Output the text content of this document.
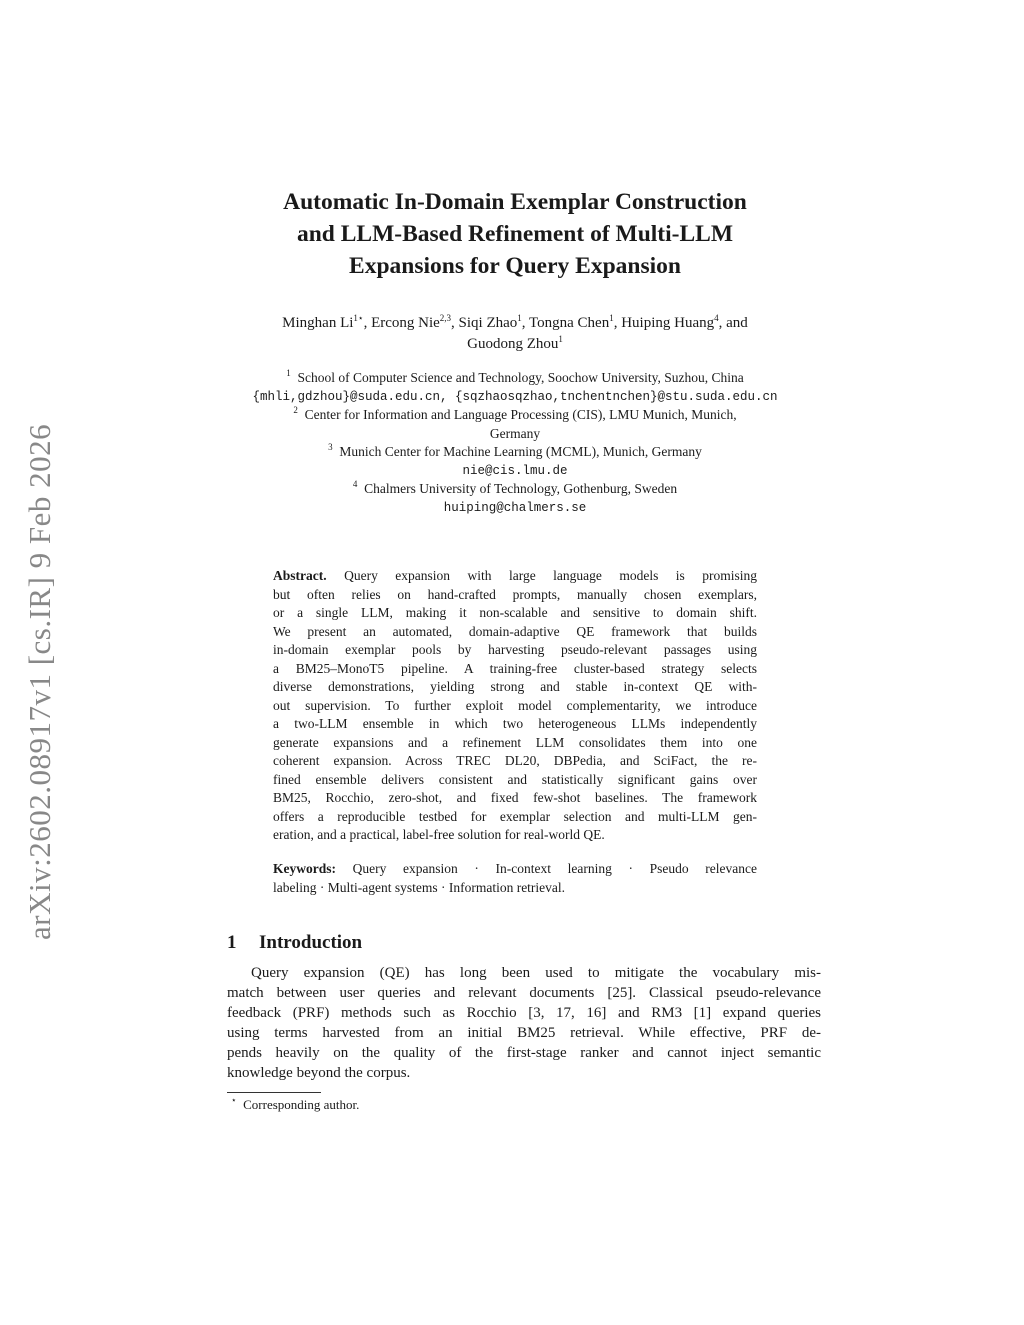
arXiv:2602.08917v1 [cs.IR] 9 Feb 2026
Automatic In-Domain Exemplar Construction
and LLM-Based Refinement of Multi-LLM
Expansions for Query Expansion
Minghan $Li^{1⋆}$, Ercong Nie$^{2,3}$, Siqi Zhao$^1$, Tongna Chen$^1$, Huiping Huang$^4$, and
Guodong Zhou$^1$
$^1$ School of Computer Science and Technology, Soochow University, Suzhou, China
{mhli,gdzhou}@suda.edu.cn, {sqzhaosqzhao,tnchentnchen}@stu.suda.edu.cn
$^2$ Center for Information and Language Processing (CIS), LMU Munich, Munich,
Germany
$^3$ Munich Center for Machine Learning (MCML), Munich, Germany
nie@cis.lmu.de
$^4$ Chalmers University of Technology, Gothenburg, Sweden
huiping@chalmers.se
Abstract. Query expansion with large language models is promising
but often relies on hand-crafted prompts, manually chosen exemplars,
or a single LLM, making it non-scalable and sensitive to domain shift.
We present an automated, domain-adaptive QE framework that builds
in-domain exemplar pools by harvesting pseudo-relevant passages using
a BM25–MonoT5 pipeline. A training-free cluster-based strategy selects
diverse demonstrations, yielding strong and stable in-context QE with-
out supervision. To further exploit model complementarity, we introduce
a two-LLM ensemble in which two heterogeneous LLMs independently
generate expansions and a refinement LLM consolidates them into one
coherent expansion. Across TREC DL20, DBPedia, and SciFact, the re-
fined ensemble delivers consistent and statistically significant gains over
BM25, Rocchio, zero-shot, and fixed few-shot baselines. The framework
offers a reproducible testbed for exemplar selection and multi-LLM gen-
eration, and a practical, label-free solution for real-world QE.
Keywords: Query expansion · In-context learning · Pseudo relevance
labeling · Multi-agent systems · Information retrieval.
1 Introduction
Query expansion (QE) has long been used to mitigate the vocabulary mis-
match between user queries and relevant documents [25]. Classical pseudo-relevance
feedback (PRF) methods such as Rocchio [3, 17, 16] and RM3 [1] expand queries
using terms harvested from an initial BM25 retrieval. While effective, PRF de-
pends heavily on the quality of the first-stage ranker and cannot inject semantic
knowledge beyond the corpus.
⋆ Corresponding author.
